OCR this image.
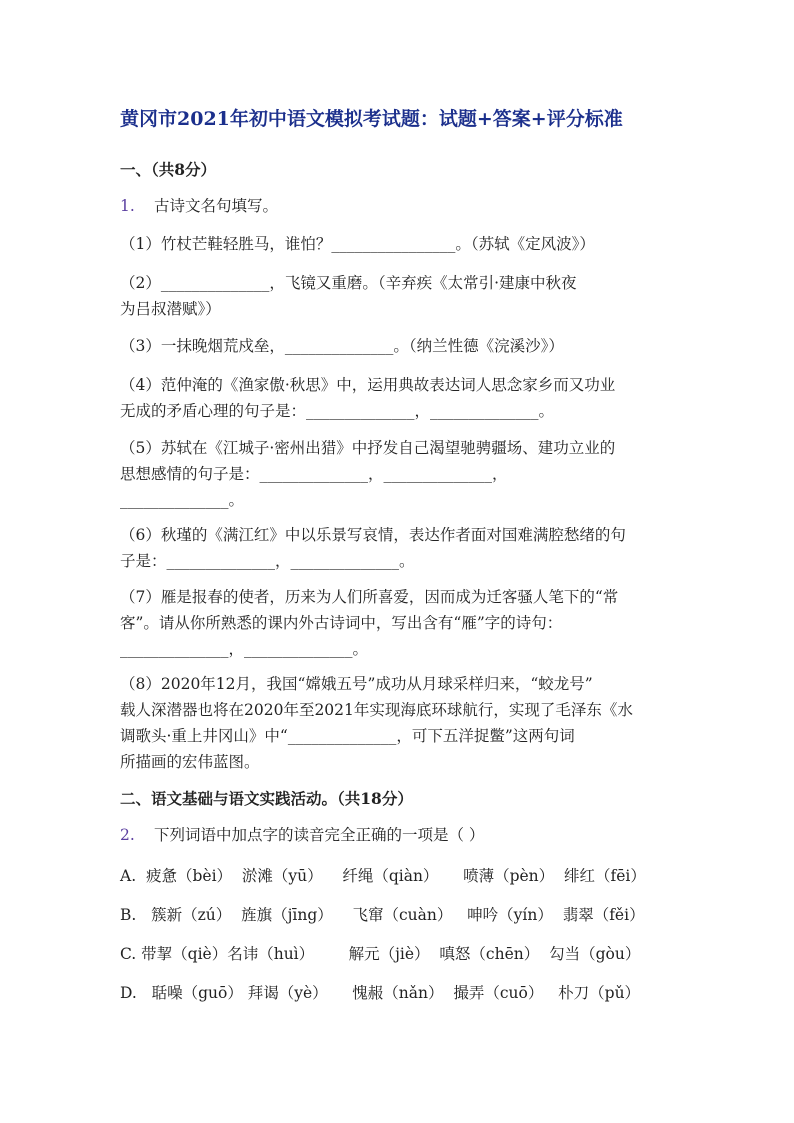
黄冈市2021年初中语文模拟考试题：试题+答案+评分标准
一、（共8分）
1. 古诗文名句填写。
（1）竹杖芒鞋轻胜马，谁怕？________________。（苏轼《定风波》）
（2）______________，飞镜又重磨。（辛弃疾《太常引·建康中秋夜
为吕叔潜赋》）
（3）一抹晚烟荒戍垒，______________。（纳兰性德《浣溪沙》）
（4）范仲淹的《渔家傲·秋思》中，运用典故表达词人思念家乡而又功业
无成的矛盾心理的句子是：______________，______________。
（5）苏轼在《江城子·密州出猎》中抒发自己渴望驰骋疆场、建功立业的
思想感情的句子是：______________，______________，
______________。
（6）秋瑾的《满江红》中以乐景写哀情，表达作者面对国难满腔愁绪的句
子是：______________，______________。
（7）雁是报春的使者，历来为人们所喜爱，因而成为迁客骚人笔下的“常
客”。请从你所熟悉的课内外古诗词中，写出含有“雁”字的诗句：
______________，______________。
（8）2020年12月，我国“嫦娥五号”成功从月球采样归来，“蛟龙号”
载人深潜器也将在2020年至2021年实现海底环球航行，实现了毛泽东《水
调歌头·重上井冈山》中“______________，可下五洋捉鳖”这两句词
所描画的宏伟蓝图。
二、语文基础与语文实践活动。（共18分）
2. 下列词语中加点字的读音完全正确的一项是（ ）
A.  疲惫（bèi）  淤滩（yū）    纤绳（qiàn）     喷薄（pèn）  绯红（fēi）
B.   簇新（zú）  旌旗（jīng）    飞窜（cuàn）   呻吟（yín）  翡翠（fěi）
C. 带挈（qiè）名讳（huì）       解元（jiè）  嗔怒（chēn）  勾当（gòu）
D.   聒噪（guō） 拜谒（yè）     愧赧（nǎn）  撮弄（cuō）   朴刀（pǔ）
